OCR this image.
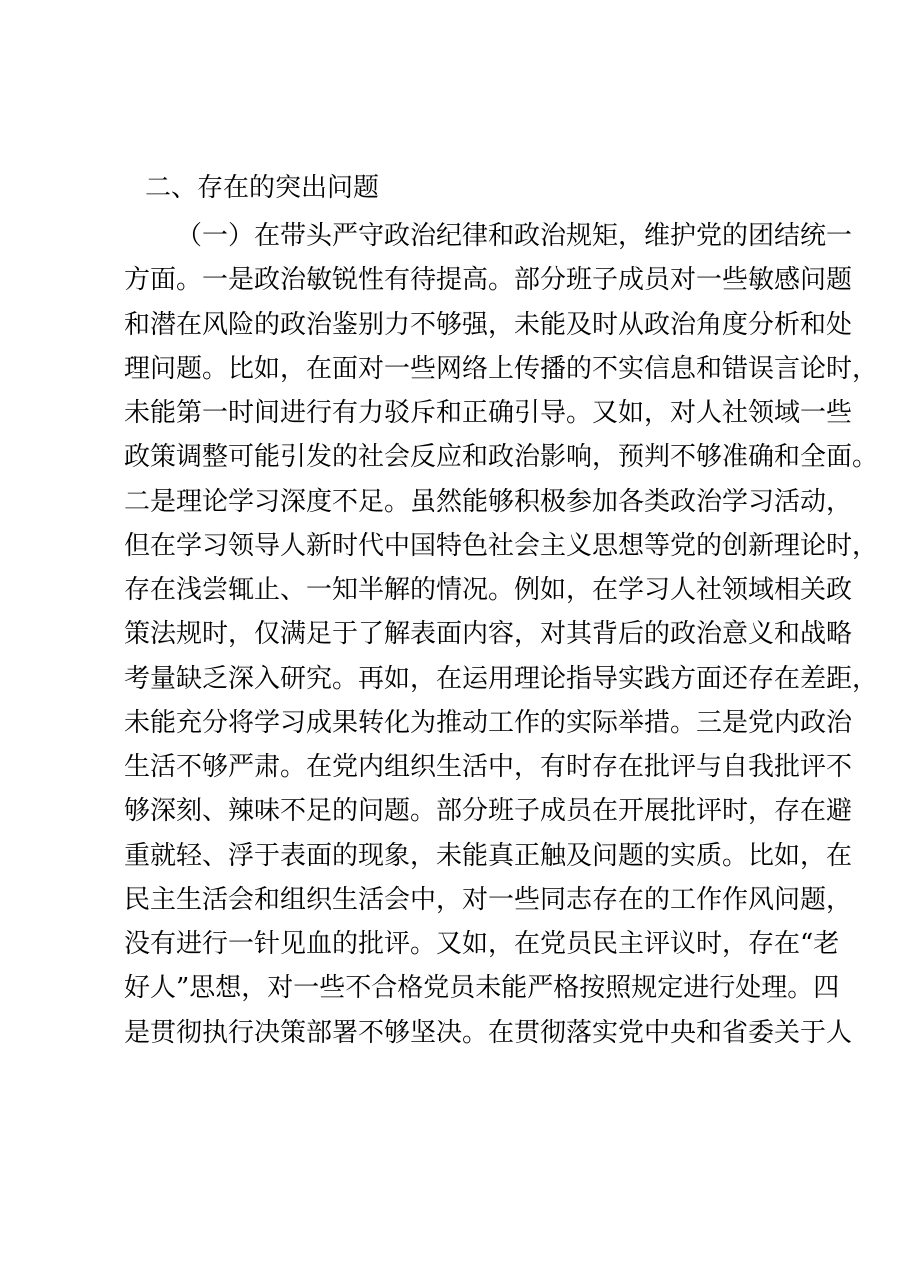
二、存在的突出问题
（一）在带头严守政治纪律和政治规矩，维护党的团结统一
方面。一是政治敏锐性有待提高。部分班子成员对一些敏感问题
和潜在风险的政治鉴别力不够强，未能及时从政治角度分析和处
理问题。比如，在面对一些网络上传播的不实信息和错误言论时，
未能第一时间进行有力驳斥和正确引导。又如，对人社领域一些
政策调整可能引发的社会反应和政治影响，预判不够准确和全面。
二是理论学习深度不足。虽然能够积极参加各类政治学习活动，
但在学习领导人新时代中国特色社会主义思想等党的创新理论时，
存在浅尝辄止、一知半解的情况。例如，在学习人社领域相关政
策法规时，仅满足于了解表面内容，对其背后的政治意义和战略
考量缺乏深入研究。再如，在运用理论指导实践方面还存在差距，
未能充分将学习成果转化为推动工作的实际举措。三是党内政治
生活不够严肃。在党内组织生活中，有时存在批评与自我批评不
够深刻、辣味不足的问题。部分班子成员在开展批评时，存在避
重就轻、浮于表面的现象，未能真正触及问题的实质。比如，在
民主生活会和组织生活会中，对一些同志存在的工作作风问题，
没有进行一针见血的批评。又如，在党员民主评议时，存在“老
好人”思想，对一些不合格党员未能严格按照规定进行处理。四
是贯彻执行决策部署不够坚决。在贯彻落实党中央和省委关于人
